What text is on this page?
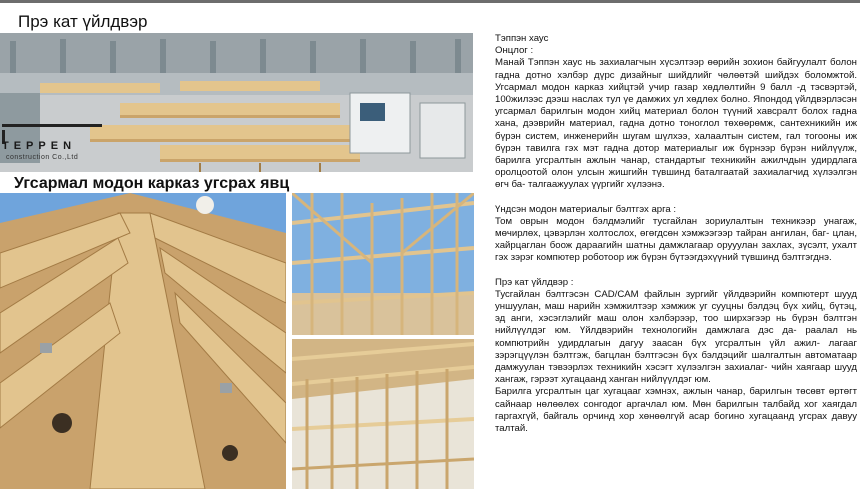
Прэ кат үйлдвэр
TEPPEN
construction Co.,Ltd
Угсармал модон карказ угсрах явц

Тэппэн хаус

Онцлог :

Манай Тэппэн хаус нь захиалагчын хүсэлтээр өөрийн зохион байгуулалт болон гадна дотно хэлбэр дүрс дизайныг шийдлийг чөлөөтэй шийдэх боломжтой. Угсармал модон карказ хийцтэй учир газар хөдлөлтийн 9 балл -д тэсвэртэй, 100жилээс дээш наслах тул үе дамжих ул хөдлөх болно. Япондод үйлдвэрлэсэн угсармал барилгын модон хийц материал болон түүний хавсралт болох гадна хана, дээврийн материал, гадна дотно тоноглол төхөөрөмж, сантехникийн иж бүрэн систем, инженерийн шугам шүлхээ, халаалтын систем, гал тогооны иж бүрэн тавилга гэх мэт гадна дотор материалыг иж бүрнээр бүрэн нийлүүлж, барилга угсралтын ажлын чанар, стандартыг техникийн ажилчдын удирдлага оролцоотой олон улсын жишгийн түвшинд баталгаатай захиалагчид хүлээлгэн өгч ба- талгаажуулах үүргийг хүлээнэ.

Үндсэн модон материалыг бэлтгэх арга :

Том оврын модон бэлдмэлийг тусгайлан зориулалтын техникээр унагаж, мөчирлөх, цэвэрлэн холтослох, өгөгдсөн хэмжээгээр тайран ангилан, баг- цлан, хайрцаглан боож дараагийн шатны дамжлагаар орууулан захлах, зүсэлт, ухалт гэх зэрэг компютер роботоор иж бүрэн бүтээгдэхүүний түвшинд бэлтгэгднэ.

Прэ кат үйлдвэр :

Тусгайлан бэлтгэсэн CAD/CAM файлын зургийг үйлдвэрийн компютерт шууд уншуулан, маш нарийн хэмжилтээр хэмжиж уг сууцны бэлдэц бүх хийц, бүтэц, эд анги, хэсэглэлийг маш олон хэлбэрээр, тоо ширхэгээр нь бүрэн бэлтгэн нийлүүлдэг юм. Үйлдвэрийн технологийн дамжлага дэс да- раалал нь компютрийн удирдлагын дагуу заасан бүх угсралтын үйл ажил- лагааг зэрэгцүүлэн бэлтгэж, багцлан бэлтгэсэн бүх бэлдэцийг шалгалтын автоматаар дамжуулан тэвээрлэх техникийн хэсэгт хүлээлгэн захиалаг- чийн хаягаар шууд хангаж, гэрээт хугацаанд ханган нийлүүлдэг юм.

Барилга угсралтын цаг хугацааг хэмнэх, ажлын чанар, барилгын төсөвт өртөгт сайнаар нөлөөлөх сонгодог аргачлал юм. Мөн барилгын талбайд хог хаягдал гаргахгүй, байгаль орчинд хор хөнөөлгүй асар богино хугацаанд угсрах давуу талтай.
